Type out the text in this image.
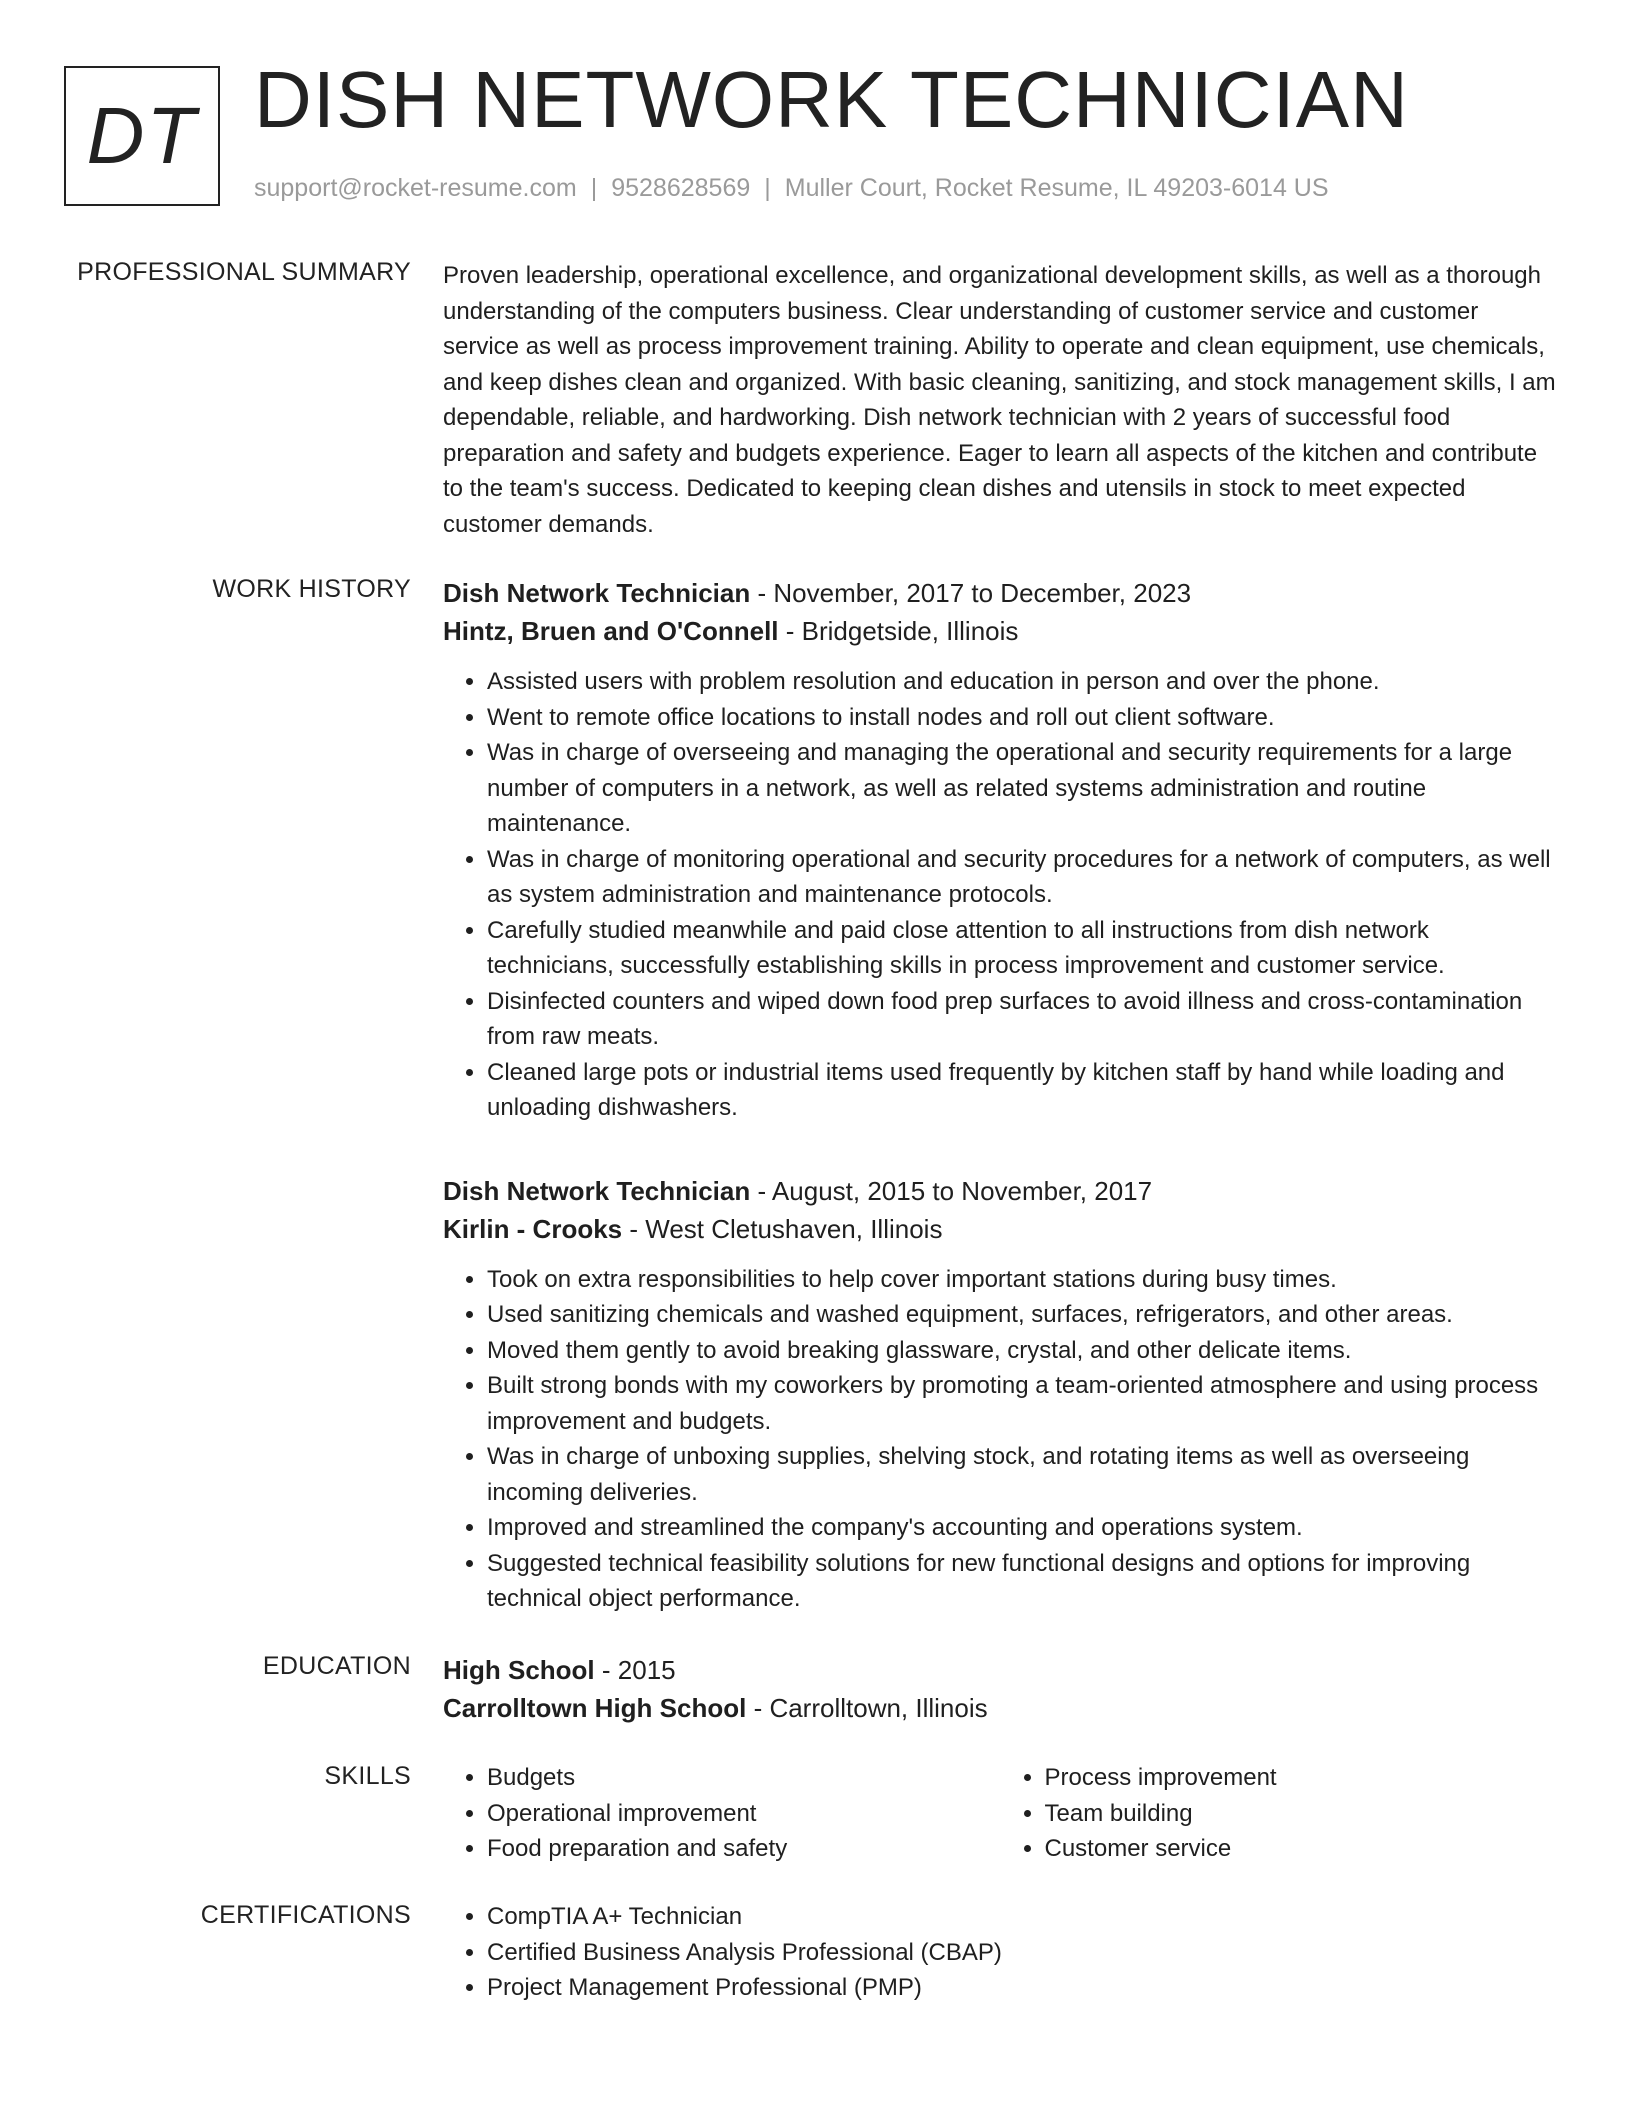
DT DISH NETWORK TECHNICIAN
support@rocket-resume.com | 9528628569 | Muller Court, Rocket Resume, IL 49203-6014 US
PROFESSIONAL SUMMARY Proven leadership, operational excellence, and organizational development skills, as well as a thorough understanding of the computers business. Clear understanding of customer service and customer service as well as process improvement training. Ability to operate and clean equipment, use chemicals, and keep dishes clean and organized. With basic cleaning, sanitizing, and stock management skills, I am dependable, reliable, and hardworking. Dish network technician with 2 years of successful food preparation and safety and budgets experience. Eager to learn all aspects of the kitchen and contribute to the team's success. Dedicated to keeping clean dishes and utensils in stock to meet expected customer demands.

WORK HISTORY Dish Network Technician - November, 2017 to December, 2023
Hintz, Bruen and O'Connell - Bridgetside, Illinois
• Assisted users with problem resolution and education in person and over the phone.
• Went to remote office locations to install nodes and roll out client software.
• Was in charge of overseeing and managing the operational and security requirements for a large number of computers in a network, as well as related systems administration and routine maintenance.
• Was in charge of monitoring operational and security procedures for a network of computers, as well as system administration and maintenance protocols.
• Carefully studied meanwhile and paid close attention to all instructions from dish network technicians, successfully establishing skills in process improvement and customer service.
• Disinfected counters and wiped down food prep surfaces to avoid illness and cross-contamination from raw meats.
• Cleaned large pots or industrial items used frequently by kitchen staff by hand while loading and unloading dishwashers.
Dish Network Technician - August, 2015 to November, 2017
Kirlin - Crooks - West Cletushaven, Illinois
• Took on extra responsibilities to help cover important stations during busy times.
• Used sanitizing chemicals and washed equipment, surfaces, refrigerators, and other areas.
• Moved them gently to avoid breaking glassware, crystal, and other delicate items.
• Built strong bonds with my coworkers by promoting a team-oriented atmosphere and using process improvement and budgets.
• Was in charge of unboxing supplies, shelving stock, and rotating items as well as overseeing incoming deliveries.
• Improved and streamlined the company's accounting and operations system.
• Suggested technical feasibility solutions for new functional designs and options for improving technical object performance.
EDUCATION High School - 2015
Carrolltown High School - Carrolltown, Illinois
SKILLS	• Budgets
• Operational improvement
• Food preparation and safety
• Process improvement
• Team building
• Customer service
CERTIFICATIONS	• CompTIA A+ Technician
• Certified Business Analysis Professional (CBAP)
• Project Management Professional (PMP)
